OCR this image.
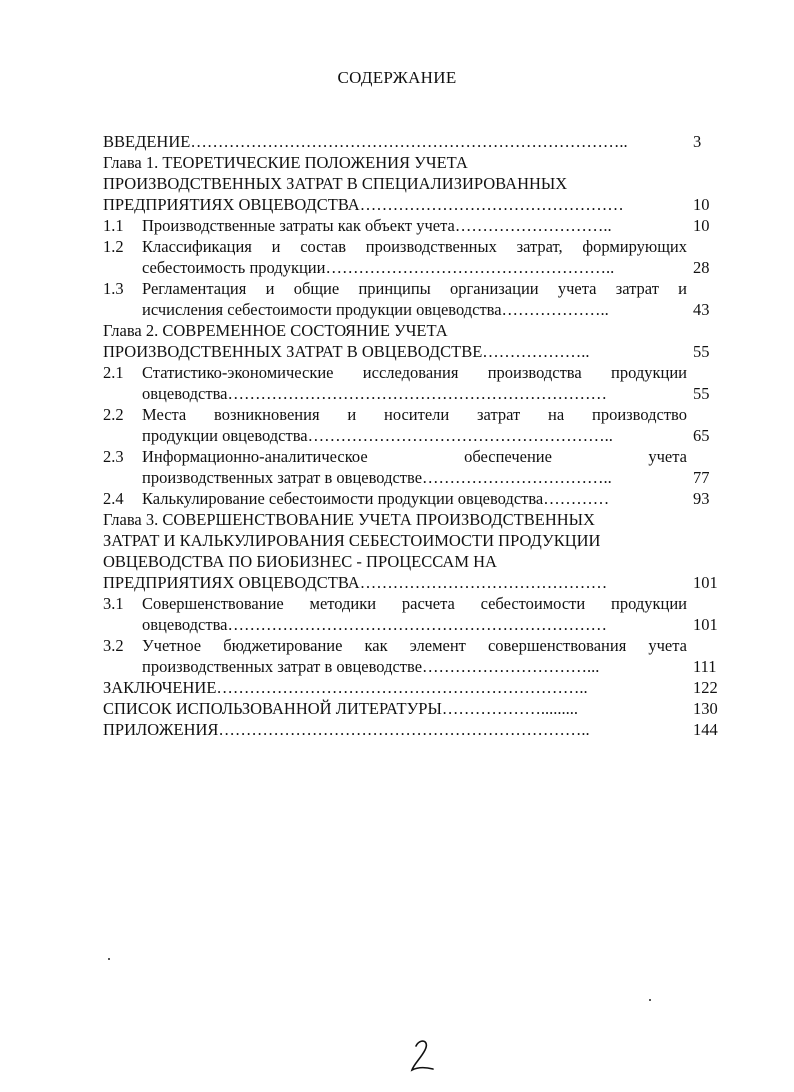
СОДЕРЖАНИЕ
ВВЕДЕНИЕ……………………………………………………………………..	3
Глава 1. ТЕОРЕТИЧЕСКИЕ ПОЛОЖЕНИЯ УЧЕТА
ПРОИЗВОДСТВЕННЫХ ЗАТРАТ В СПЕЦИАЛИЗИРОВАННЫХ
ПРЕДПРИЯТИЯХ ОВЦЕВОДСТВА…………………………………………	10
1.1 Производственные затраты как объект учета………………………..	10
1.2 Классификация и состав производственных затрат, формирующих
себестоимость продукции……………………………………………..	28
1.3 Регламентация и общие принципы организации учета затрат и
исчисления себестоимости продукции овцеводства………………..	43
Глава 2. СОВРЕМЕННОЕ СОСТОЯНИЕ УЧЕТА
ПРОИЗВОДСТВЕННЫХ ЗАТРАТ В ОВЦЕВОДСТВЕ………………..	55
2.1 Статистико-экономические исследования производства продукции
овцеводства……………………………………………………………	55
2.2 Места возникновения и носители затрат на производство
продукции овцеводства………………………………………………..	65
2.3 Информационно-аналитическое обеспечение учета
производственных затрат в овцеводстве……………………………..	77
2.4 Калькулирование себестоимости продукции овцеводства…………	93
Глава 3. СОВЕРШЕНСТВОВАНИЕ УЧЕТА ПРОИЗВОДСТВЕННЫХ
ЗАТРАТ И КАЛЬКУЛИРОВАНИЯ СЕБЕСТОИМОСТИ ПРОДУКЦИИ
ОВЦЕВОДСТВА ПО БИОБИЗНЕС - ПРОЦЕССАМ НА
ПРЕДПРИЯТИЯХ ОВЦЕВОДСТВА………………………………………	101
3.1 Совершенствование методики расчета себестоимости продукции
овцеводства……………………………………………………………	101
3.2 Учетное бюджетирование как элемент совершенствования учета
производственных затрат в овцеводстве…………………………...	111
ЗАКЛЮЧЕНИЕ…………………………………………………………..	122
СПИСОК ИСПОЛЬЗОВАННОЙ ЛИТЕРАТУРЫ……………….........	130
ПРИЛОЖЕНИЯ…………………………………………………………..	144
